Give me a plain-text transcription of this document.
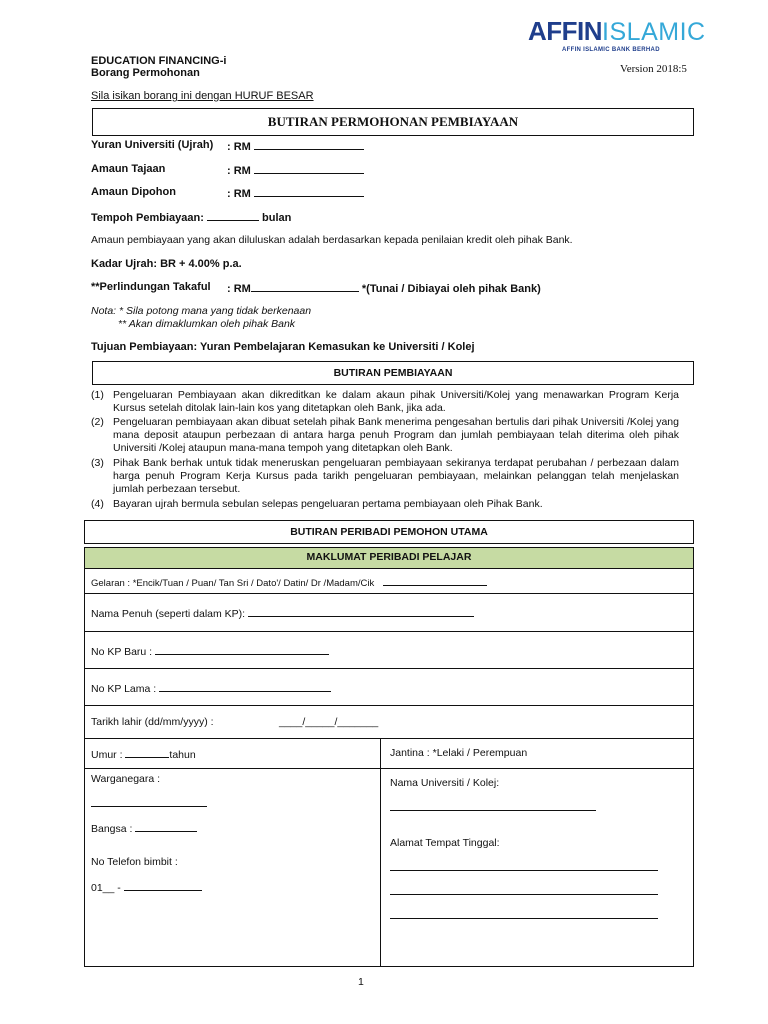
AFFINISLAMIC
AFFIN ISLAMIC BANK BERHAD
EDUCATION FINANCING-i
Borang Permohonan	Version 2018:5
Sila isikan borang ini dengan HURUF BESAR
BUTIRAN PERMOHONAN PEMBIAYAAN
Yuran Universiti (Ujrah) : RM
Amaun Tajaan	: RM
Amaun Dipohon	: RM
Tempoh Pembiayaan:	bulan
Amaun pembiayaan yang akan diluluskan adalah berdasarkan kepada penilaian kredit oleh pihak Bank.
Kadar Ujrah: BR + 4.00% p.a.
**Perlindungan Takaful : RM	*(Tunai / Dibiayai oleh pihak Bank)
Nota: * Sila potong mana yang tidak berkenaan
** Akan dimaklumkan oleh pihak Bank
Tujuan Pembiayaan: Yuran Pembelajaran Kemasukan ke Universiti / Kolej
BUTIRAN PEMBIAYAAN
(1) Pengeluaran Pembiayaan akan dikreditkan ke dalam akaun pihak Universiti/Kolej yang menawarkan Program Kerja Kursus setelah ditolak lain-lain kos yang ditetapkan oleh Bank, jika ada.
(2) Pengeluaran pembiayaan akan dibuat setelah pihak Bank menerima pengesahan bertulis dari pihak Universiti /Kolej yang mana deposit ataupun perbezaan di antara harga penuh Program dan jumlah pembiayaan telah diterima oleh pihak Universiti /Kolej ataupun mana-mana tempoh yang ditetapkan oleh Bank.
(3) Pihak Bank berhak untuk tidak meneruskan pengeluaran pembiayaan sekiranya terdapat perubahan / perbezaan dalam harga penuh Program Kerja Kursus pada tarikh pengeluaran pembiayaan, melainkan pelanggan telah menjelaskan jumlah perbezaan tersebut.
(4) Bayaran ujrah bermula sebulan selepas pengeluaran pertama pembiayaan oleh Pihak Bank.
BUTIRAN PERIBADI PEMOHON UTAMA
MAKLUMAT PERIBADI PELAJAR
Gelaran : *Encik/Tuan / Puan/ Tan Sri / Dato'/ Datin/ Dr /Madam/Cik
Nama Penuh (seperti dalam KP):
No KP Baru :
No KP Lama :
Tarikh lahir (dd/mm/yyyy) :	____/_____/_______
Umur :	tahun	Jantina : *Lelaki / Perempuan
Warganegara :
Bangsa :
No Telefon bimbit :
01__ -
Nama Universiti / Kolej:
Alamat Tempat Tinggal:
1
